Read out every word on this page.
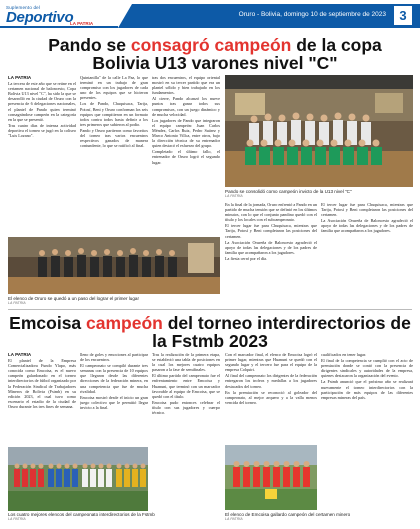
Suplemento del
Deportivo
LA PATRIA
Oruro - Bolivia, domingo 10 de septiembre de 2023	3
Pando se consagró campeón de la copa Bolivia U13 varones nivel "C"
LA PATRIA

La tercera de este año que se reúne en el certamen nacional de baloncesto, Copa Bolivia U13 nivel "C", ha sido la que se desarrolló en la ciudad de Oruro con la presencia de 6 delegaciones nacionales, el plantel de Pando quien terminó consagrándose campeón en la categoría en la que se presentó.

Tras cuatro días de intensa actividad deportiva el torneo se jugó en la coliseo "Luis Lozano".

Quintanilla" de la calle La Paz, lo que terminó en un trabajo de gran compromiso con los jugadores de cada uno de los equipos que se hicieron presentes.

Los de Pando, Chuquisaca, Tarija, Potosí, Beni y Oruro conforman los seis equipos que compitieron en un formato todos contra todos hasta definir a los tres primeros que subieron al podio.

Pando y Oruro partieron como favoritos del torneo tras varios encuentros respectivos ganados de manera contundente, lo que se ratificó al final.

tras dos encuentros, el equipo oriental mostró en su tercer partido que era un plantel sólido y bien trabajado en los fundamentos.

Al cierre, Pando alcanzó los nueve puntos tras ganar todos sus compromisos, con un juego dinámico y de mucha velocidad.

Los jugadores de Pando que integraron el equipo campeón: Juan Carlos Méndez, Carlos Ruiz, Pedro Suárez y Marco Antonio Villca, entre otros, bajo la dirección técnica de su entrenador quien destacó el esfuerzo del grupo.

Completado el último fallo, el entrenador de Oruro logró el segundo lugar.

Pando se consolidó como campeón invicto de la U13 nivel "C"
LA PATRIA

En la final de la jornada, Oruro enfrentó a Pando en un partido de mucha tensión que se definió en los últimos minutos, con lo que el conjunto pandino quedó con el título y los locales con el subcampeonato.

El tercer lugar fue para Chuquisaca, mientras que Tarija, Potosí y Beni completaron las posiciones del certamen.

La Asociación Orureña de Baloncesto agradeció el apoyo de todas las delegaciones y de los padres de familia que acompañaron a los jugadores.

La fiesta cerró por el día.

El tercer lugar fue para Chuquisaca, mientras que Tarija, Potosí y Beni completaron las posiciones del certamen.

La Asociación Orureña de Baloncesto agradeció el apoyo de todas las delegaciones y de los padres de familia que acompañaron a los jugadores.

El elenco de Oruro se quedó a un paso del lograr el primer lugar
LA PATRIA
Emcoisa campeón del torneo interdirectorios de la Fstmb 2023
LA PATRIA

El plantel de la Empresa Comercializadora Fundo Ylapo, más conocida como Emcoisa, es el nuevo campeón galardonado en el torneo interdirectorios de fútbol organizado por la Federación Sindical de Trabajadores Mineros de Bolivia (Fstmb) en su edición 2023, el cual tuvo como escenario el estadio de la ciudad de Oruro durante los tres fines de semana.

lleno de goles y emociones al participar de los encuentros.

El campeonato se compiló durante tres semanas con la presencia de 10 equipos que llegaron desde las diferentes direcciones de la federación minera, en una competencia que fue de mucha rivalidad.

Emcoisa mostró desde el inicio un gran juego colectivo que le permitió llegar invicto a la final.

Tras la realización de la primera etapa, se estableció una tabla de posiciones en la cual los mejores cuatro equipos pasaron a la fase de semifinales.

El último partido del campeonato fue el enfrentamiento entre Emcoisa y Huanuni, que terminó con un marcador favorable al equipo de Emcoisa, que se quedó con el título.

Emcoisa pudo entonces celebrar el título con sus jugadores y cuerpo técnico.

Con el marcador final, el elenco de Emcoisa logró el primer lugar, mientras que Huanuni se quedó con el segundo lugar y el tercero fue para el equipo de la empresa Colquiri.

Al final del campeonato los dirigentes de la federación entregaron los trofeos y medallas a los jugadores destacados del torneo.

En la premiación se reconoció al goleador del campeonato, al mejor arquero y a la valla menos vencida del torneo.

cualificados en tener lugar.

El final de la competencia se cumplió con el acto de premiación donde se contó con la presencia de dirigentes sindicales y autoridades de la empresa, quienes destacaron la organización del evento.

La Fstmb anunció que el próximo año se realizará nuevamente el torneo interdirectorios con la participación de más equipos de las diferentes empresas mineras del país.

Los cuatro mejores elencos del campeonato interdirectorios de la Fstmb
LA PATRIA
El elenco de Emcoisa gallardo campeón del certamen minero
LA PATRIA
